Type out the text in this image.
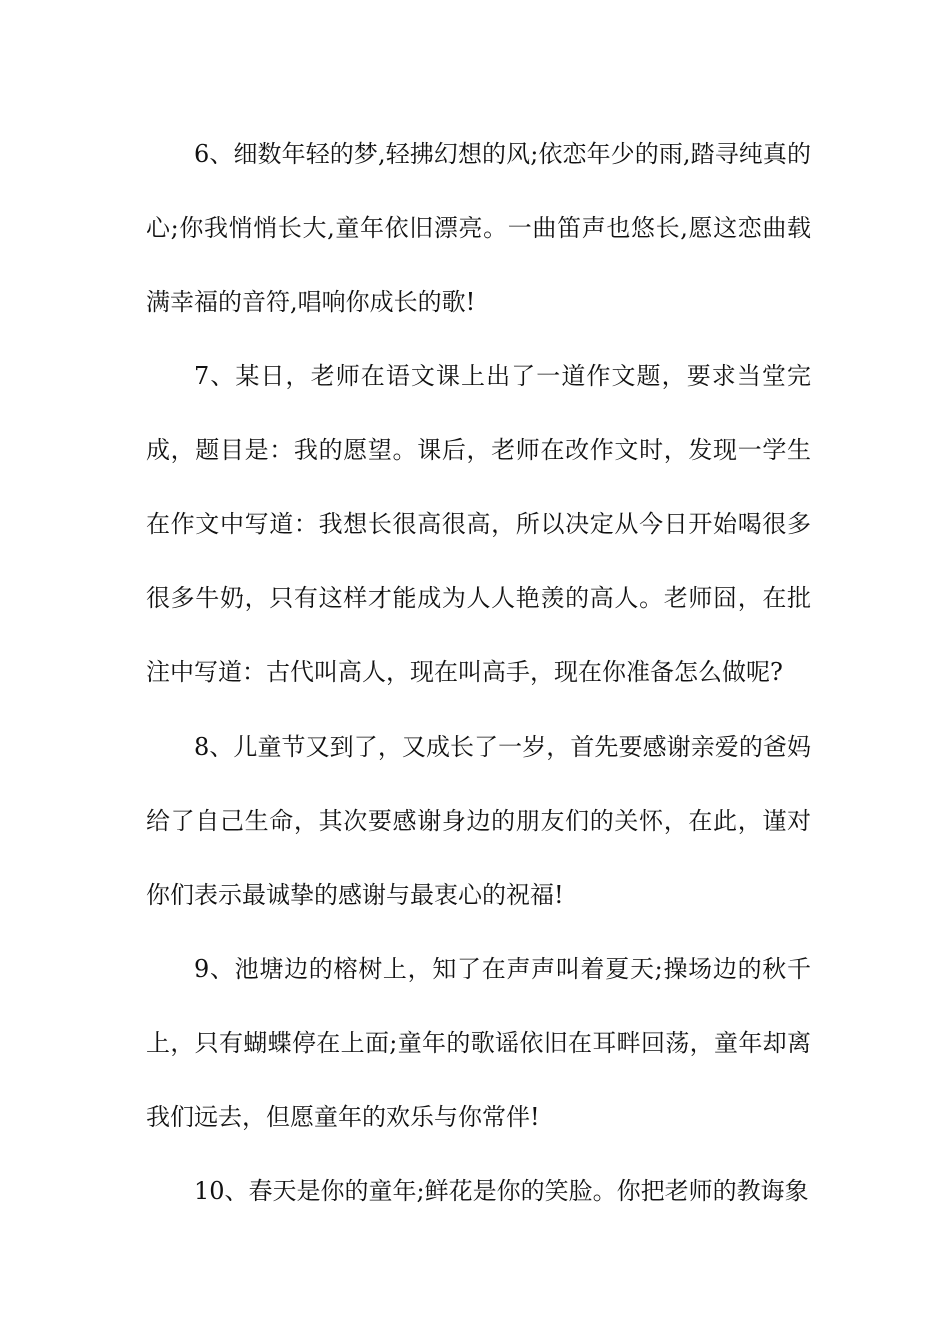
6、细数年轻的梦,轻拂幻想的风;依恋年少的雨,踏寻纯真的心;你我悄悄长大,童年依旧漂亮。一曲笛声也悠长,愿这恋曲载满幸福的音符,唱响你成长的歌!

7、某日，老师在语文课上出了一道作文题，要求当堂完成，题目是：我的愿望。课后，老师在改作文时，发现一学生在作文中写道：我想长很高很高，所以决定从今日开始喝很多很多牛奶，只有这样才能成为人人艳羡的高人。老师囧，在批注中写道：古代叫高人，现在叫高手，现在你准备怎么做呢?

8、儿童节又到了，又成长了一岁，首先要感谢亲爱的爸妈给了自己生命，其次要感谢身边的朋友们的关怀，在此，谨对你们表示最诚挚的感谢与最衷心的祝福!

9、池塘边的榕树上，知了在声声叫着夏天;操场边的秋千上，只有蝴蝶停在上面;童年的歌谣依旧在耳畔回荡，童年却离我们远去，但愿童年的欢乐与你常伴!

10、春天是你的童年;鲜花是你的笑脸。你把老师的教诲象
